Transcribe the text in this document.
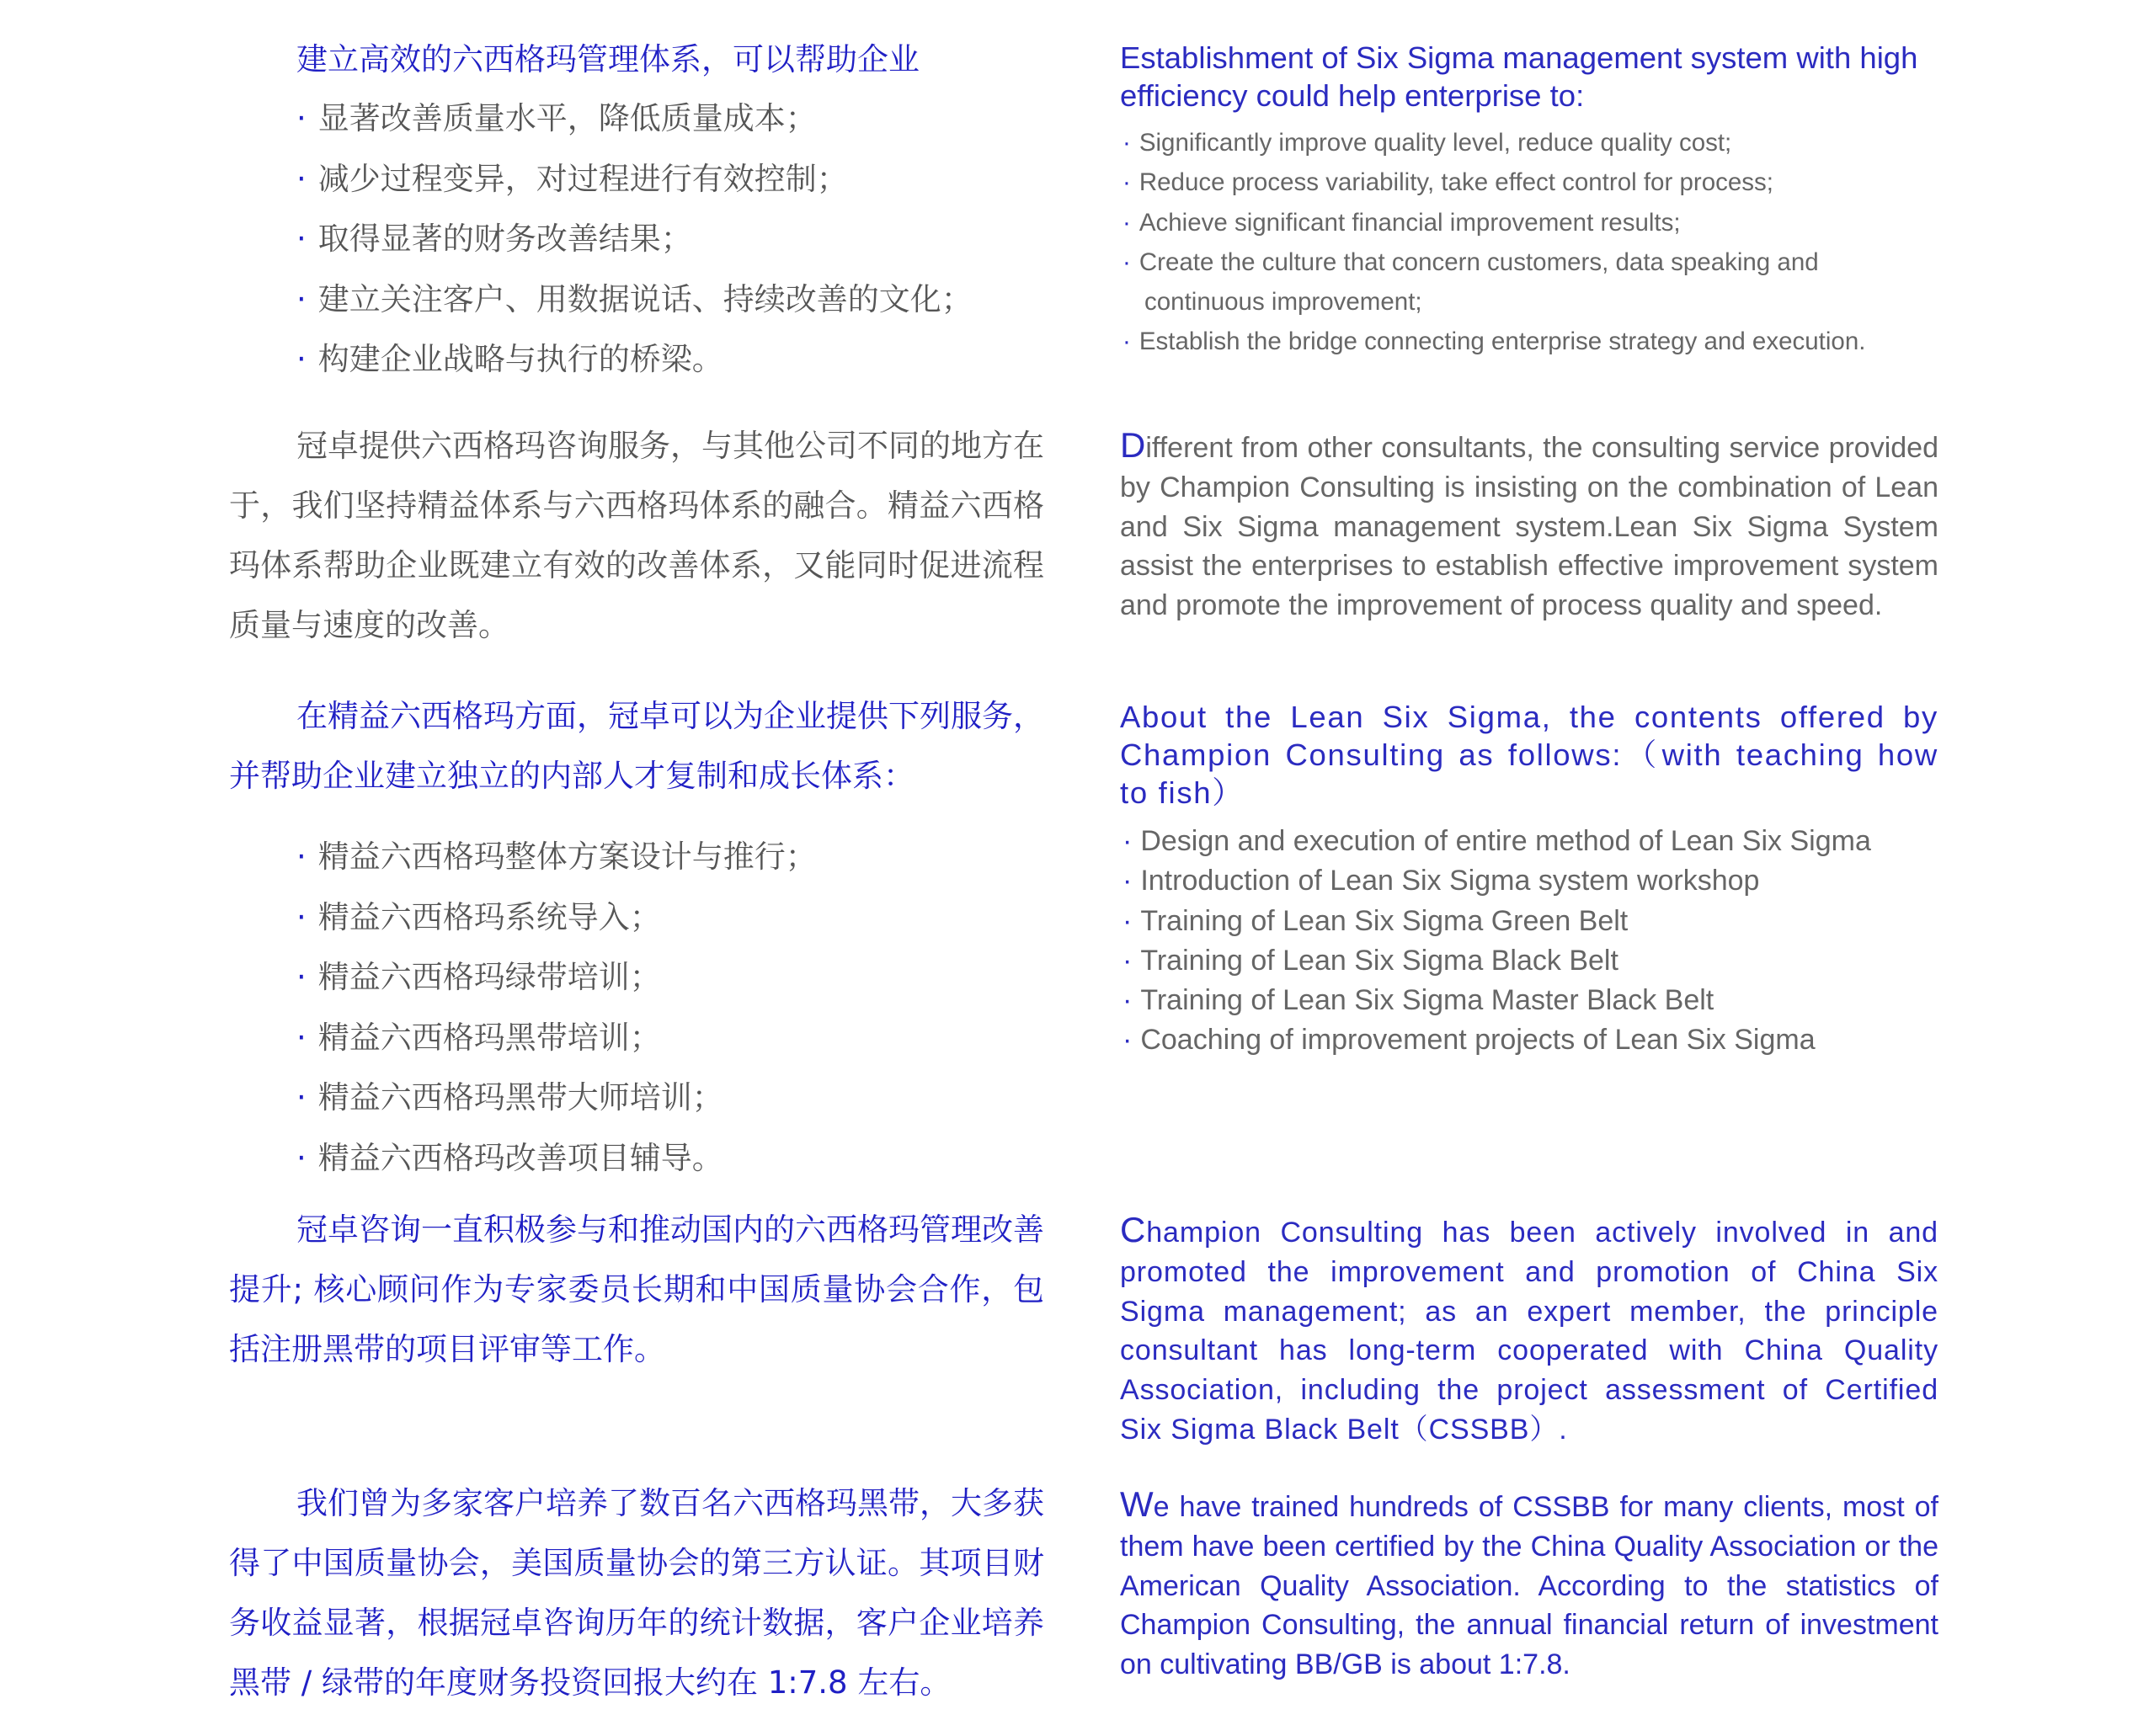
建立高效的六西格玛管理体系，可以帮助企业

· 显著改善质量水平，降低质量成本；
· 减少过程变异，对过程进行有效控制；
· 取得显著的财务改善结果；
· 建立关注客户、用数据说话、持续改善的文化；
· 构建企业战略与执行的桥梁。

冠卓提供六西格玛咨询服务，与其他公司不同的地方在于，我们坚持精益体系与六西格玛体系的融合。精益六西格玛体系帮助企业既建立有效的改善体系，又能同时促进流程质量与速度的改善。

在精益六西格玛方面，冠卓可以为企业提供下列服务，并帮助企业建立独立的内部人才复制和成长体系：

· 精益六西格玛整体方案设计与推行；
· 精益六西格玛系统导入；
· 精益六西格玛绿带培训；
· 精益六西格玛黑带培训；
· 精益六西格玛黑带大师培训；
· 精益六西格玛改善项目辅导。

冠卓咨询一直积极参与和推动国内的六西格玛管理改善提升; 核心顾问作为专家委员长期和中国质量协会合作，包括注册黑带的项目评审等工作。

我们曾为多家客户培养了数百名六西格玛黑带，大多获得了中国质量协会，美国质量协会的第三方认证。其项目财务收益显著，根据冠卓咨询历年的统计数据，客户企业培养黑带 / 绿带的年度财务投资回报大约在 1:7.8 左右。

Establishment of Six Sigma management system with high efficiency could help enterprise to:

· Significantly improve quality level, reduce quality cost;
· Reduce process variability, take effect control for process;
· Achieve significant financial improvement results;
· Create the culture that concern customers, data speaking and
continuous improvement;
· Establish the bridge connecting enterprise strategy and execution.

Different from other consultants, the consulting service provided by Champion Consulting is insisting on the combination of Lean and Six Sigma management system.Lean Six Sigma System assist the enterprises to establish effective improvement system and promote the improvement of process quality and speed.

About the Lean Six Sigma, the contents offered by Champion Consulting as follows:（with teaching how to fish）

· Design and execution of entire method of Lean Six Sigma
· Introduction of Lean Six Sigma system workshop
· Training of Lean Six Sigma Green Belt
· Training of Lean Six Sigma Black Belt
· Training of Lean Six Sigma Master Black Belt
· Coaching of improvement projects of Lean Six Sigma

Champion Consulting has been actively involved in and promoted the improvement and promotion of China Six Sigma management; as an expert member, the principle consultant has long-term cooperated with China Quality Association, including the project assessment of Certified Six Sigma Black Belt（CSSBB）.

We have trained hundreds of CSSBB for many clients, most of them have been certified by the China Quality Association or the American Quality Association. According to the statistics of Champion Consulting, the annual financial return of investment on cultivating BB/GB is about 1:7.8.
